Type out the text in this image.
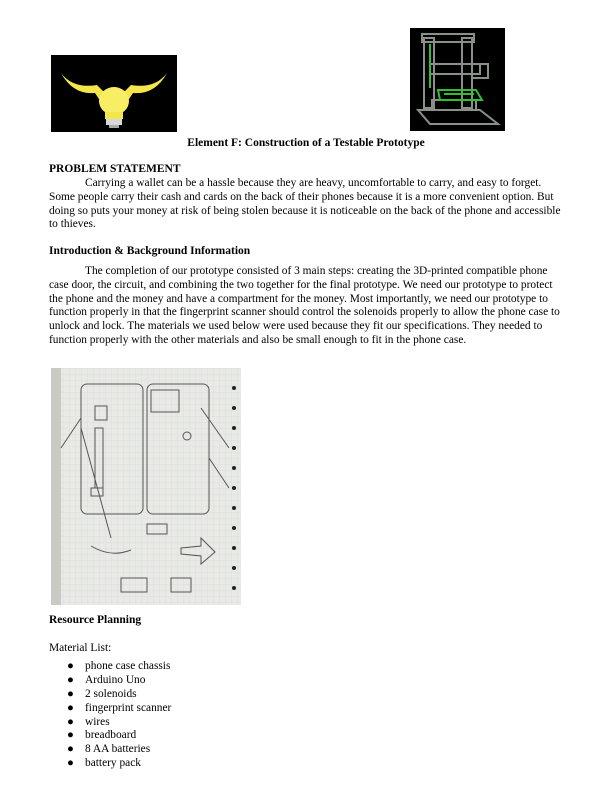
Element F: Construction of a Testable Prototype
PROBLEM STATEMENT
Carrying a wallet can be a hassle because they are heavy, uncomfortable to carry, and easy to forget. Some people carry their cash and cards on the back of their phones because it is a more convenient option. But doing so puts your money at risk of being stolen because it is noticeable on the back of the phone and accessible to thieves.
Introduction & Background Information
The completion of our prototype consisted of 3 main steps: creating the 3D-printed compatible phone case door, the circuit, and combining the two together for the final prototype. We need our prototype to protect the phone and the money and have a compartment for the money. Most importantly, we need our prototype to function properly in that the fingerprint scanner should control the solenoids properly to allow the phone case to unlock and lock. The materials we used below were used because they fit our specifications. They needed to function properly with the other materials and also be small enough to fit in the phone case.
Resource Planning
Material List:
● phone case chassis
● Arduino Uno
● 2 solenoids
● fingerprint scanner
● wires
● breadboard
● 8 AA batteries
● battery pack
